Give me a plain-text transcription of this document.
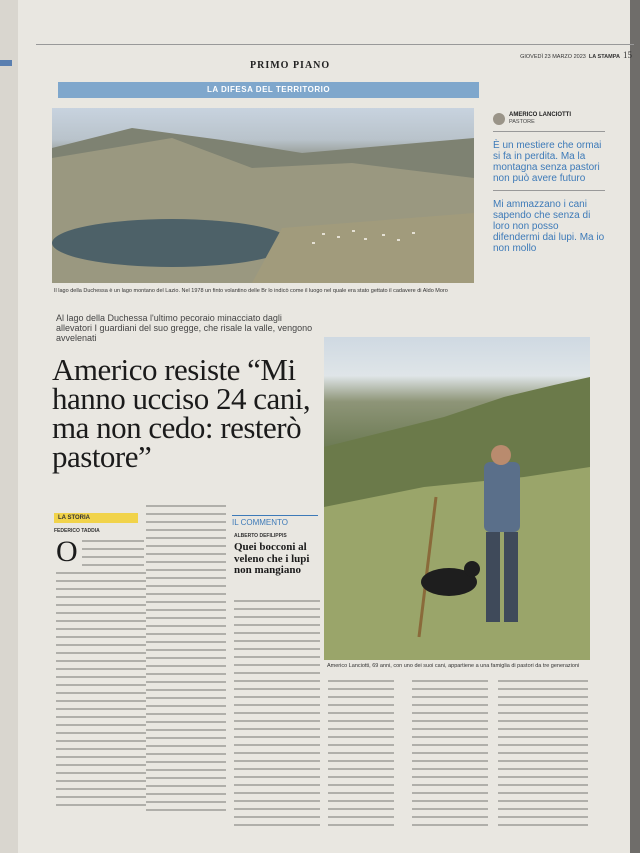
GIOVEDÌ 23 MARZO 2023 LA STAMPA 15
PRIMO PIANO
LA DIFESA DEL TERRITORIO
Il lago della Duchessa è un lago montano del Lazio. Nel 1978 un finto volantino delle Br lo indicò come il luogo nel quale era stato gettato il cadavere di Aldo Moro
AMERICO LANCIOTTI
PASTORE
È un mestiere che ormai si fa in perdita. Ma la montagna senza pastori non può avere futuro
Mi ammazzano i cani sapendo che senza di loro non posso difendermi dai lupi. Ma io non mollo
Al lago della Duchessa l'ultimo pecoraio minacciato dagli allevatori I guardiani del suo gregge, che risale la valle, vengono avvelenati
Americo resiste “Mi hanno ucciso 24 cani, ma non cedo: resterò pastore”
Americo Lanciotti, 69 anni, con uno dei suoi cani, appartiene a una famiglia di pastori da tre generazioni
LA STORIA
FEDERICO TADDIA
O
IL COMMENTO
ALBERTO DEFILIPPIS
Quei bocconi al veleno che i lupi non mangiano
